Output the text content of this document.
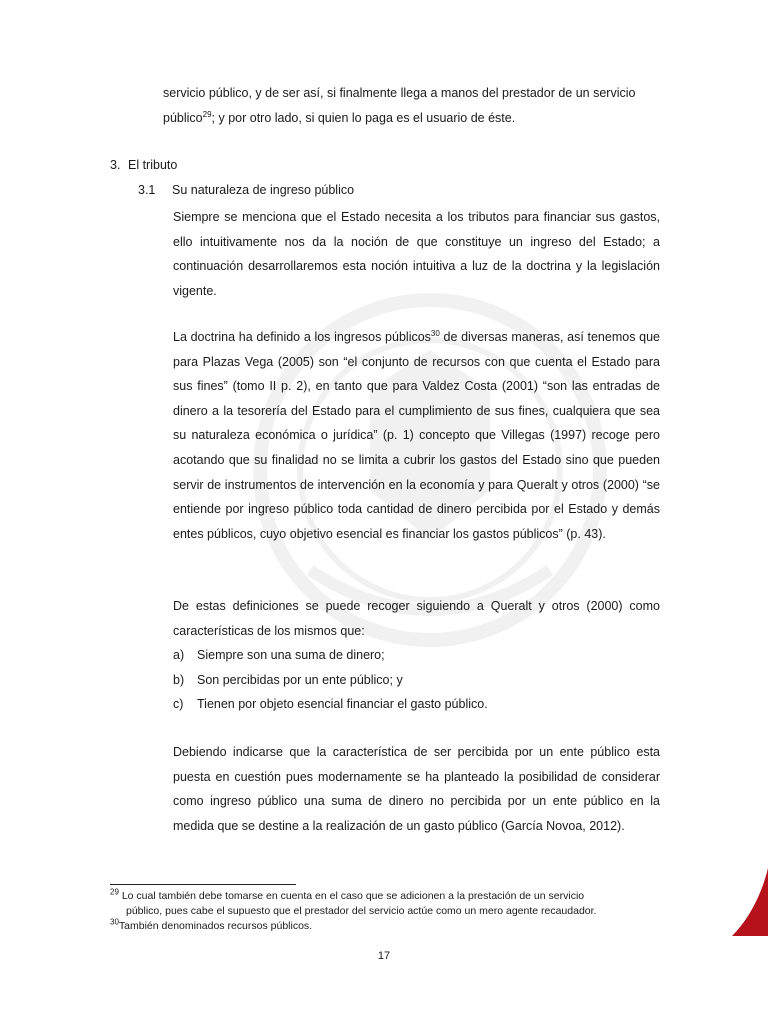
servicio público, y de ser así, si finalmente llega a manos del prestador de un servicio
público$^{29}$; y por otro lado, si quien lo paga es el usuario de éste.

3. El tributo
3.1 Su naturaleza de ingreso público

Siempre se menciona que el Estado necesita a los tributos para financiar sus gastos, ello intuitivamente nos da la noción de que constituye un ingreso del Estado; a continuación desarrollaremos esta noción intuitiva a luz de la doctrina y la legislación vigente.

La doctrina ha definido a los ingresos públicos$^{30}$ de diversas maneras, así tenemos que para Plazas Vega (2005) son “el conjunto de recursos con que cuenta el Estado para sus fines” (tomo II p. 2), en tanto que para Valdez Costa (2001) “son las entradas de dinero a la tesorería del Estado para el cumplimiento de sus fines, cualquiera que sea su naturaleza económica o jurídica” (p. 1) concepto que Villegas (1997) recoge pero acotando que su finalidad no se limita a cubrir los gastos del Estado sino que pueden servir de instrumentos de intervención en la economía y para Queralt y otros (2000) “se entiende por ingreso público toda cantidad de dinero percibida por el Estado y demás entes públicos, cuyo objetivo esencial es financiar los gastos públicos” (p. 43).

De estas definiciones se puede recoger siguiendo a Queralt y otros (2000) como características de los mismos que:

a) Siempre son una suma de dinero;
b) Son percibidas por un ente público; y
c) Tienen por objeto esencial financiar el gasto público.

Debiendo indicarse que la característica de ser percibida por un ente público esta puesta en cuestión pues modernamente se ha planteado la posibilidad de considerar como ingreso público una suma de dinero no percibida por un ente público en la medida que se destine a la realización de un gasto público (García Novoa, 2012).

$^{29}$ Lo cual también debe tomarse en cuenta en el caso que se adicionen a la prestación de un servicio
público, pues cabe el supuesto que el prestador del servicio actúe como un mero agente recaudador.
$^{30}$También denominados recursos públicos.
17
